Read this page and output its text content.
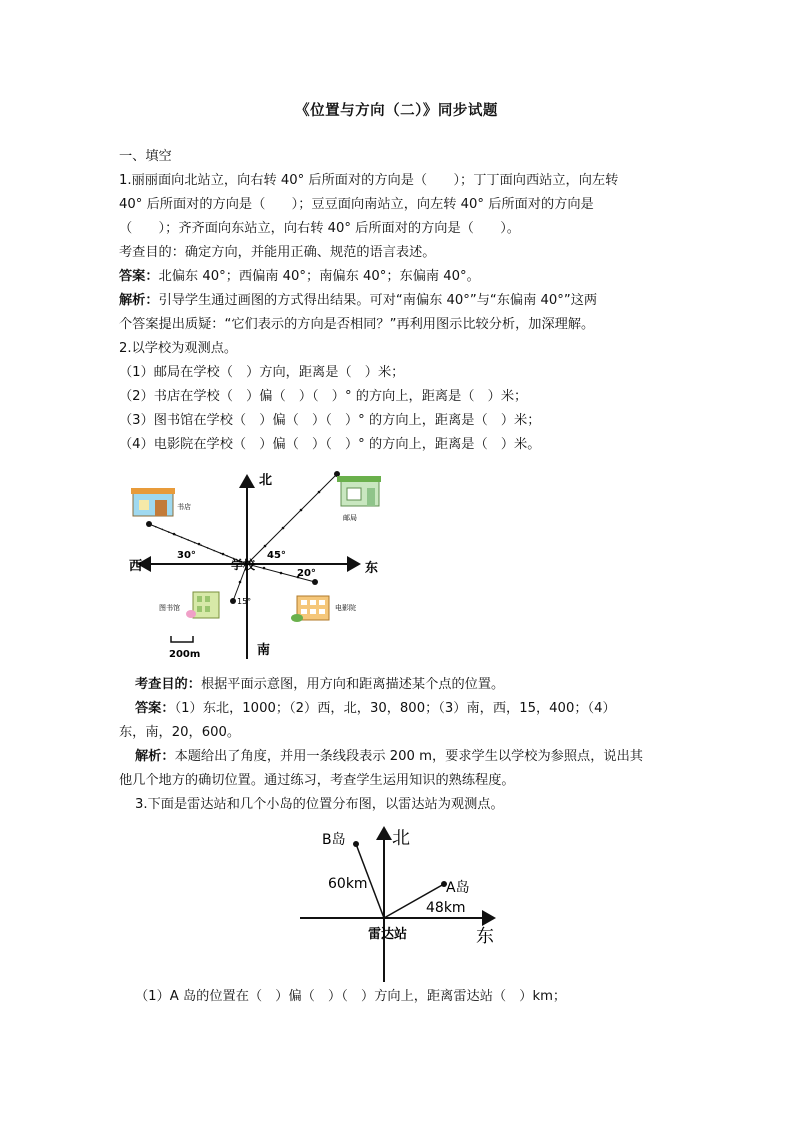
《位置与方向（二）》同步试题
一、填空
1.丽丽面向北站立，向右转 40° 后所面对的方向是（　　）；丁丁面向西站立，向左转
40° 后所面对的方向是（　　）；豆豆面向南站立，向左转 40° 后所面对的方向是
（　　）；齐齐面向东站立，向右转 40° 后所面对的方向是（　　）。
考查目的：确定方向，并能用正确、规范的语言表述。
答案：北偏东 40°；西偏南 40°；南偏东 40°；东偏南 40°。
解析：引导学生通过画图的方式得出结果。可对“南偏东 40°”与“东偏南 40°”这两
个答案提出质疑：“它们表示的方向是否相同？”再利用图示比较分析，加深理解。
2.以学校为观测点。
（1）邮局在学校（　）方向，距离是（　）米；
（2）书店在学校（　）偏（　）（　）° 的方向上，距离是（　）米；
（3）图书馆在学校（　）偏（　）（　）° 的方向上，距离是（　）米；
（4）电影院在学校（　）偏（　）（　）° 的方向上，距离是（　）米。
北
南
东
西	学校
30°	45°
20°
15°
书店
邮局
图书馆	电影院
200m
考查目的：根据平面示意图，用方向和距离描述某个点的位置。
答案：（1）东北，1000；（2）西，北，30，800；（3）南，西，15，400；（4）
东，南，20，600。
解析：本题给出了角度，并用一条线段表示 200 m，要求学生以学校为参照点，说出其
他几个地方的确切位置。通过练习，考查学生运用知识的熟练程度。
3.下面是雷达站和几个小岛的位置分布图，以雷达站为观测点。
北
东
雷达站
B岛
60km	A岛
48km
（1）A 岛的位置在（　）偏（　）（　）方向上，距离雷达站（　）km；
